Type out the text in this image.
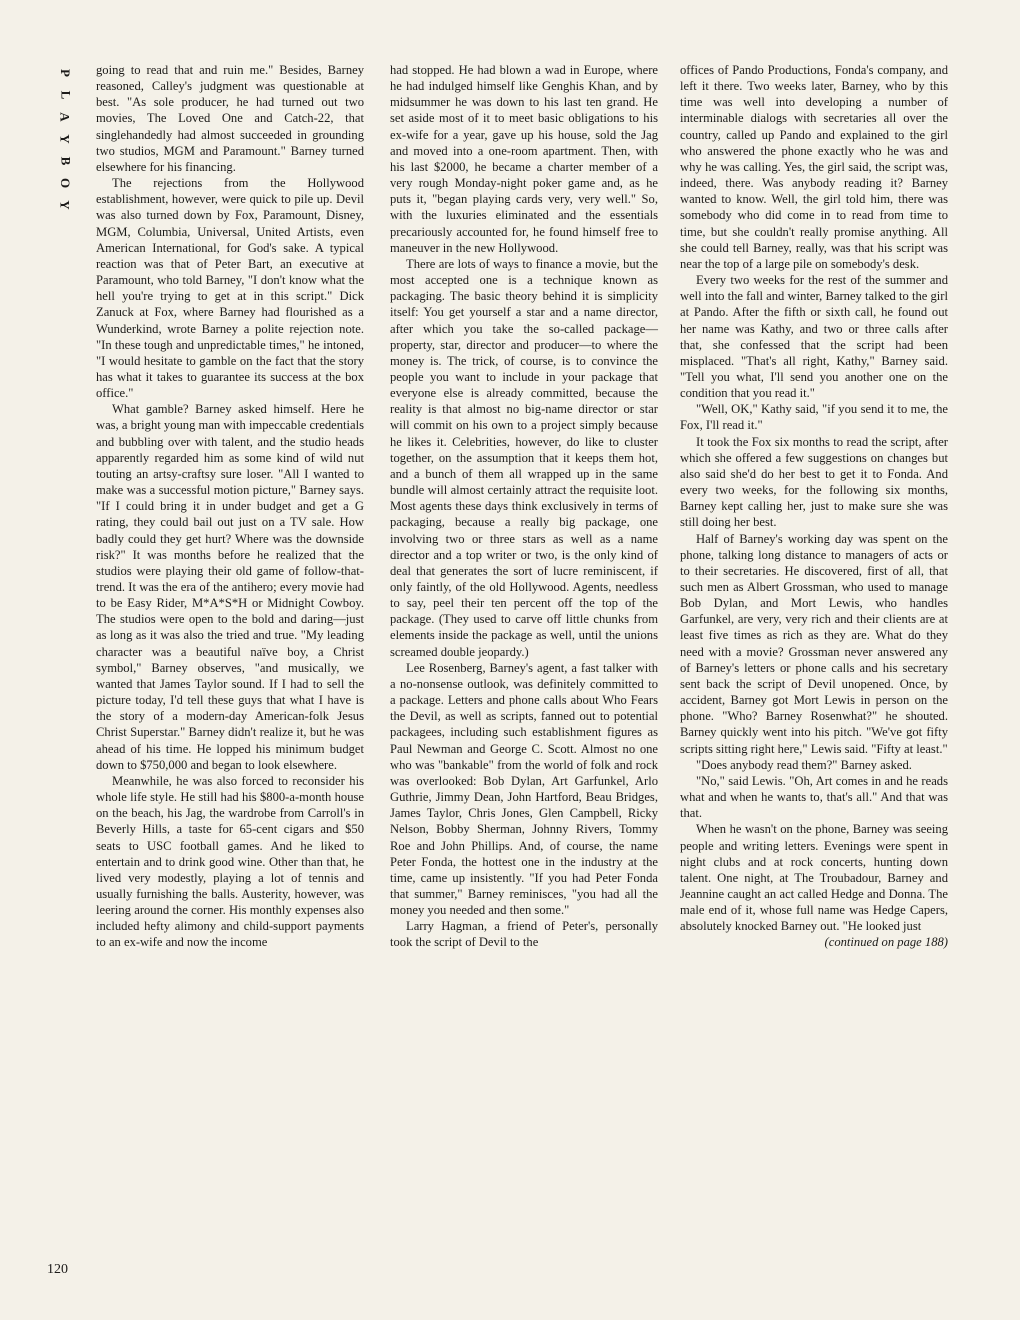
P
L
A
Y
B
O
Y

going to read that and ruin me." Besides, Barney reasoned, Calley's judgment was questionable at best. "As sole producer, he had turned out two movies, The Loved One and Catch-22, that singlehandedly had almost succeeded in grounding two studios, MGM and Paramount." Barney turned elsewhere for his financing.

The rejections from the Hollywood establishment, however, were quick to pile up. Devil was also turned down by Fox, Paramount, Disney, MGM, Columbia, Universal, United Artists, even American International, for God's sake. A typical reaction was that of Peter Bart, an executive at Paramount, who told Barney, "I don't know what the hell you're trying to get at in this script." Dick Zanuck at Fox, where Barney had flourished as a Wunderkind, wrote Barney a polite rejection note. "In these tough and unpredictable times," he intoned, "I would hesitate to gamble on the fact that the story has what it takes to guarantee its success at the box office."

What gamble? Barney asked himself. Here he was, a bright young man with impeccable credentials and bubbling over with talent, and the studio heads apparently regarded him as some kind of wild nut touting an artsy-craftsy sure loser. "All I wanted to make was a successful motion picture," Barney says. "If I could bring it in under budget and get a G rating, they could bail out just on a TV sale. How badly could they get hurt? Where was the downside risk?" It was months before he realized that the studios were playing their old game of follow-that-trend. It was the era of the antihero; every movie had to be Easy Rider, M*A*S*H or Midnight Cowboy. The studios were open to the bold and daring—just as long as it was also the tried and true. "My leading character was a beautiful naïve boy, a Christ symbol," Barney observes, "and musically, we wanted that James Taylor sound. If I had to sell the picture today, I'd tell these guys that what I have is the story of a modern-day American-folk Jesus Christ Superstar." Barney didn't realize it, but he was ahead of his time. He lopped his minimum budget down to $750,000 and began to look elsewhere.

Meanwhile, he was also forced to reconsider his whole life style. He still had his $800-a-month house on the beach, his Jag, the wardrobe from Carroll's in Beverly Hills, a taste for 65-cent cigars and $50 seats to USC football games. And he liked to entertain and to drink good wine. Other than that, he lived very modestly, playing a lot of tennis and usually furnishing the balls. Austerity, however, was leering around the corner. His monthly expenses also included hefty alimony and child-support payments to an ex-wife and now the income

had stopped. He had blown a wad in Europe, where he had indulged himself like Genghis Khan, and by midsummer he was down to his last ten grand. He set aside most of it to meet basic obligations to his ex-wife for a year, gave up his house, sold the Jag and moved into a one-room apartment. Then, with his last $2000, he became a charter member of a very rough Monday-night poker game and, as he puts it, "began playing cards very, very well." So, with the luxuries eliminated and the essentials precariously accounted for, he found himself free to maneuver in the new Hollywood.

There are lots of ways to finance a movie, but the most accepted one is a technique known as packaging. The basic theory behind it is simplicity itself: You get yourself a star and a name director, after which you take the so-called package—property, star, director and producer—to where the money is. The trick, of course, is to convince the people you want to include in your package that everyone else is already committed, because the reality is that almost no big-name director or star will commit on his own to a project simply because he likes it. Celebrities, however, do like to cluster together, on the assumption that it keeps them hot, and a bunch of them all wrapped up in the same bundle will almost certainly attract the requisite loot. Most agents these days think exclusively in terms of packaging, because a really big package, one involving two or three stars as well as a name director and a top writer or two, is the only kind of deal that generates the sort of lucre reminiscent, if only faintly, of the old Hollywood. Agents, needless to say, peel their ten percent off the top of the package. (They used to carve off little chunks from elements inside the package as well, until the unions screamed double jeopardy.)

Lee Rosenberg, Barney's agent, a fast talker with a no-nonsense outlook, was definitely committed to a package. Letters and phone calls about Who Fears the Devil, as well as scripts, fanned out to potential packagees, including such establishment figures as Paul Newman and George C. Scott. Almost no one who was "bankable" from the world of folk and rock was overlooked: Bob Dylan, Art Garfunkel, Arlo Guthrie, Jimmy Dean, John Hartford, Beau Bridges, James Taylor, Chris Jones, Glen Campbell, Ricky Nelson, Bobby Sherman, Johnny Rivers, Tommy Roe and John Phillips. And, of course, the name Peter Fonda, the hottest one in the industry at the time, came up insistently. "If you had Peter Fonda that summer," Barney reminisces, "you had all the money you needed and then some."

Larry Hagman, a friend of Peter's, personally took the script of Devil to the

offices of Pando Productions, Fonda's company, and left it there. Two weeks later, Barney, who by this time was well into developing a number of interminable dialogs with secretaries all over the country, called up Pando and explained to the girl who answered the phone exactly who he was and why he was calling. Yes, the girl said, the script was, indeed, there. Was anybody reading it? Barney wanted to know. Well, the girl told him, there was somebody who did come in to read from time to time, but she couldn't really promise anything. All she could tell Barney, really, was that his script was near the top of a large pile on somebody's desk.

Every two weeks for the rest of the summer and well into the fall and winter, Barney talked to the girl at Pando. After the fifth or sixth call, he found out her name was Kathy, and two or three calls after that, she confessed that the script had been misplaced. "That's all right, Kathy," Barney said. "Tell you what, I'll send you another one on the condition that you read it."

"Well, OK," Kathy said, "if you send it to me, the Fox, I'll read it."

It took the Fox six months to read the script, after which she offered a few suggestions on changes but also said she'd do her best to get it to Fonda. And every two weeks, for the following six months, Barney kept calling her, just to make sure she was still doing her best.

Half of Barney's working day was spent on the phone, talking long distance to managers of acts or to their secretaries. He discovered, first of all, that such men as Albert Grossman, who used to manage Bob Dylan, and Mort Lewis, who handles Garfunkel, are very, very rich and their clients are at least five times as rich as they are. What do they need with a movie? Grossman never answered any of Barney's letters or phone calls and his secretary sent back the script of Devil unopened. Once, by accident, Barney got Mort Lewis in person on the phone. "Who? Barney Rosenwhat?" he shouted. Barney quickly went into his pitch. "We've got fifty scripts sitting right here," Lewis said. "Fifty at least."

"Does anybody read them?" Barney asked.

"No," said Lewis. "Oh, Art comes in and he reads what and when he wants to, that's all." And that was that.

When he wasn't on the phone, Barney was seeing people and writing letters. Evenings were spent in night clubs and at rock concerts, hunting down talent. One night, at The Troubadour, Barney and Jeannine caught an act called Hedge and Donna. The male end of it, whose full name was Hedge Capers, absolutely knocked Barney out. "He looked just

(continued on page 188)

120
